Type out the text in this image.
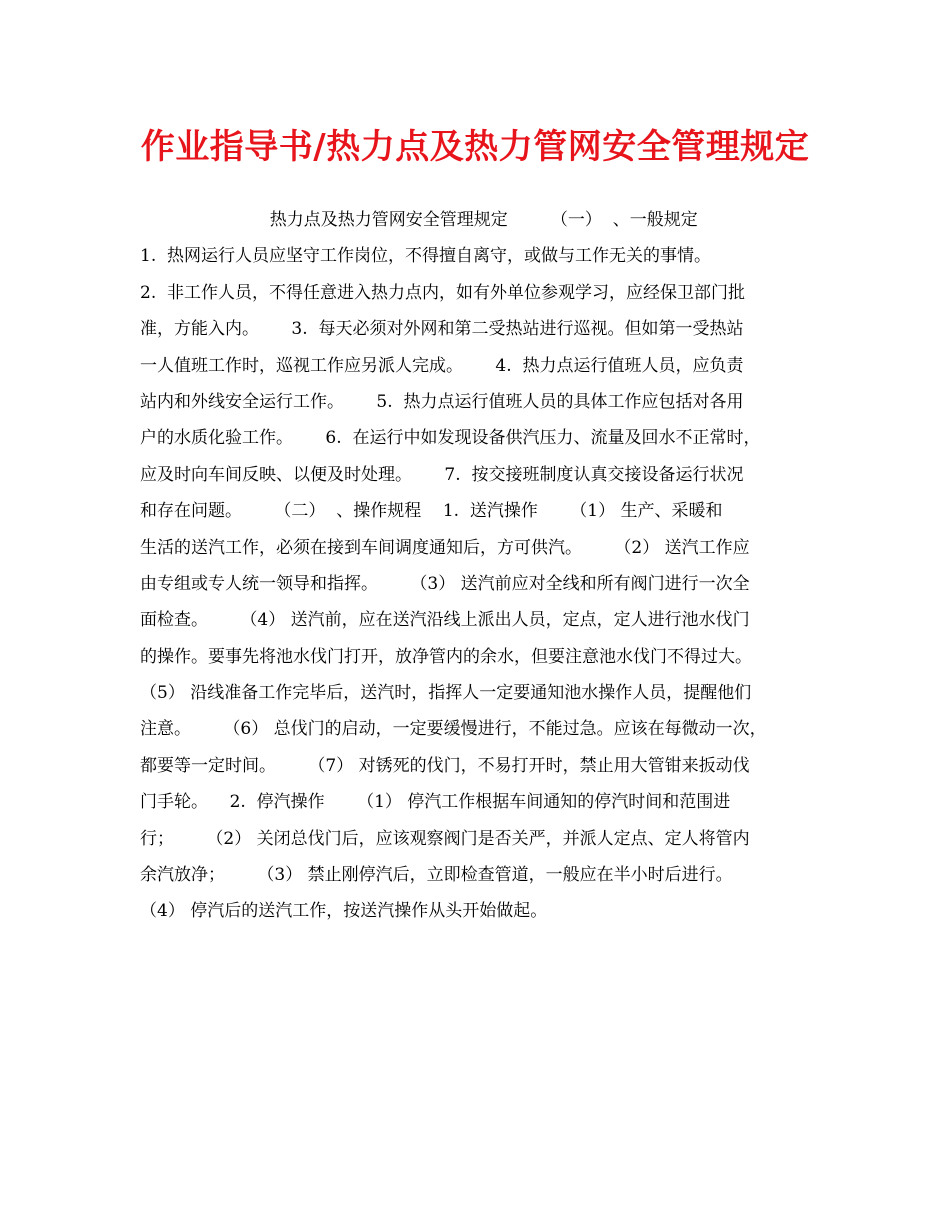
作业指导书/热力点及热力管网安全管理规定
热力点及热力管网安全管理规定        （一）  、一般规定
1.  热网运行人员应坚守工作岗位，不得擅自离守，或做与工作无关的事情。
2.  非工作人员，不得任意进入热力点内，如有外单位参观学习，应经保卫部门批
准，方能入内。      3.  每天必须对外网和第二受热站进行巡视。但如第一受热站
一人值班工作时，巡视工作应另派人完成。      4.  热力点运行值班人员，应负责
站内和外线安全运行工作。      5.  热力点运行值班人员的具体工作应包括对各用
户的水质化验工作。      6.  在运行中如发现设备供汽压力、流量及回水不正常时，
应及时向车间反映、以便及时处理。      7.  按交接班制度认真交接设备运行状况
和存在问题。      （二）  、操作规程    1.  送汽操作      （1） 生产、采暖和
生活的送汽工作，必须在接到车间调度通知后，方可供汽。      （2） 送汽工作应
由专组或专人统一领导和指挥。      （3） 送汽前应对全线和所有阀门进行一次全
面检查。      （4） 送汽前，应在送汽沿线上派出人员，定点，定人进行池水伐门
的操作。要事先将池水伐门打开，放净管内的余水，但要注意池水伐门不得过大。
（5） 沿线准备工作完毕后，送汽时，指挥人一定要通知池水操作人员，提醒他们
注意。      （6） 总伐门的启动，一定要缓慢进行，不能过急。应该在每微动一次，
都要等一定时间。      （7） 对锈死的伐门，不易打开时，禁止用大管钳来扳动伐
门手轮。    2.  停汽操作      （1） 停汽工作根据车间通知的停汽时间和范围进
行；      （2） 关闭总伐门后，应该观察阀门是否关严，并派人定点、定人将管内
余汽放净；      （3） 禁止刚停汽后，立即检查管道，一般应在半小时后进行。
（4） 停汽后的送汽工作，按送汽操作从头开始做起。
